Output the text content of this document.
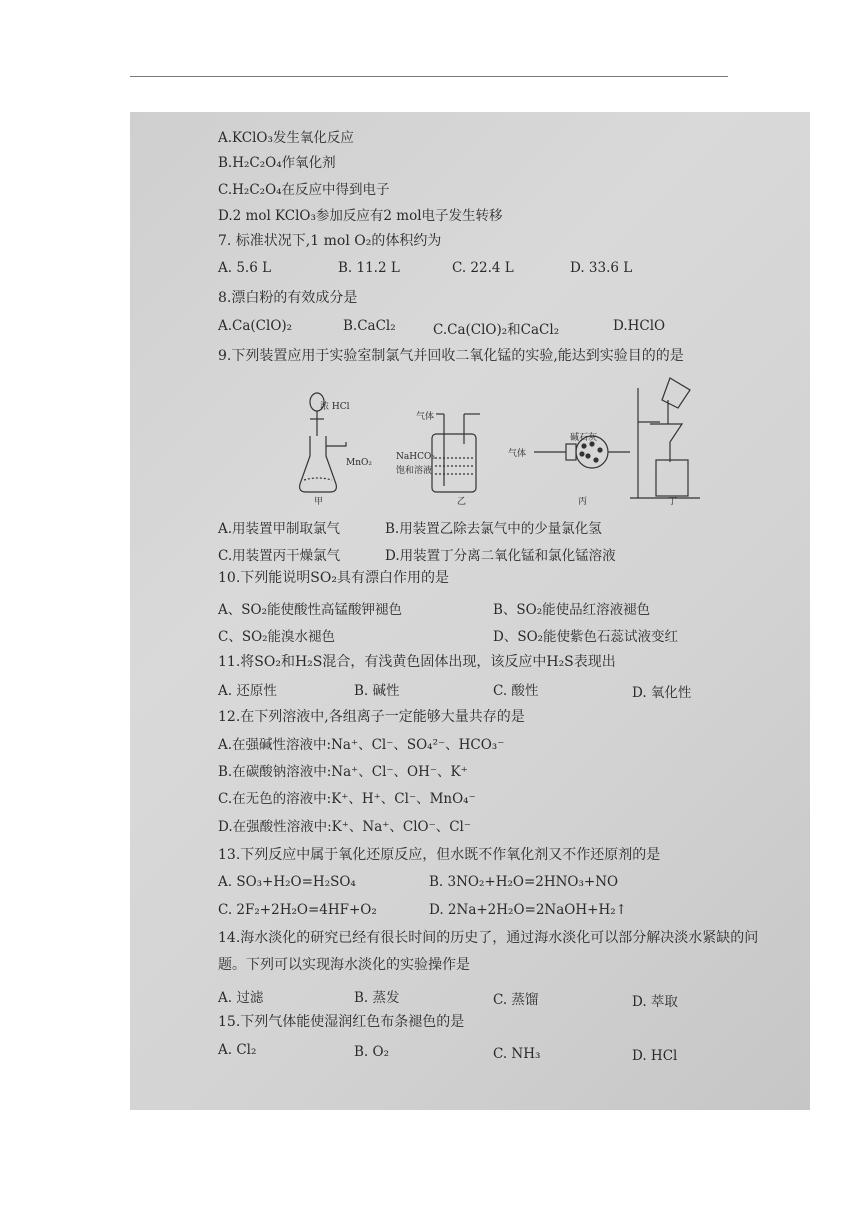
A.KClO₃发生氧化反应
B.H₂C₂O₄作氧化剂
C.H₂C₂O₄在反应中得到电子
D.2 mol KClO₃参加反应有2 mol电子发生转移
7. 标准状况下,1 mol O₂的体积约为
A. 5.6 L	B. 11.2 L	C. 22.4 L	D. 33.6 L
8.漂白粉的有效成分是
A.Ca(ClO)₂	B.CaCl₂	C.Ca(ClO)₂和CaCl₂	D.HClO
9.下列装置应用于实验室制氯气并回收二氧化锰的实验,能达到实验目的的是
浓 HCl
MnO₂
甲
气体
NaHCO₃
饱和溶液
乙
碱石灰
气体
丙	丁
A.用装置甲制取氯气	B.用装置乙除去氯气中的少量氯化氢
C.用装置丙干燥氯气	D.用装置丁分离二氧化锰和氯化锰溶液
10.下列能说明SO₂具有漂白作用的是
A、SO₂能使酸性高锰酸钾褪色	B、SO₂能使品红溶液褪色
C、SO₂能溴水褪色	D、SO₂能使紫色石蕊试液变红
11.将SO₂和H₂S混合，有浅黄色固体出现，该反应中H₂S表现出
A. 还原性	B. 碱性	C. 酸性	D. 氧化性
12.在下列溶液中,各组离子一定能够大量共存的是
A.在强碱性溶液中:Na⁺、Cl⁻、SO₄²⁻、HCO₃⁻
B.在碳酸钠溶液中:Na⁺、Cl⁻、OH⁻、K⁺
C.在无色的溶液中:K⁺、H⁺、Cl⁻、MnO₄⁻
D.在强酸性溶液中:K⁺、Na⁺、ClO⁻、Cl⁻
13.下列反应中属于氧化还原反应，但水既不作氧化剂又不作还原剂的是
A. SO₃+H₂O=H₂SO₄	B. 3NO₂+H₂O=2HNO₃+NO
C. 2F₂+2H₂O=4HF+O₂	D. 2Na+2H₂O=2NaOH+H₂↑
14.海水淡化的研究已经有很长时间的历史了，通过海水淡化可以部分解决淡水紧缺的问
题。下列可以实现海水淡化的实验操作是
A. 过滤	B. 蒸发	C. 蒸馏	D. 萃取
15.下列气体能使湿润红色布条褪色的是
A. Cl₂	B. O₂	C. NH₃	D. HCl
